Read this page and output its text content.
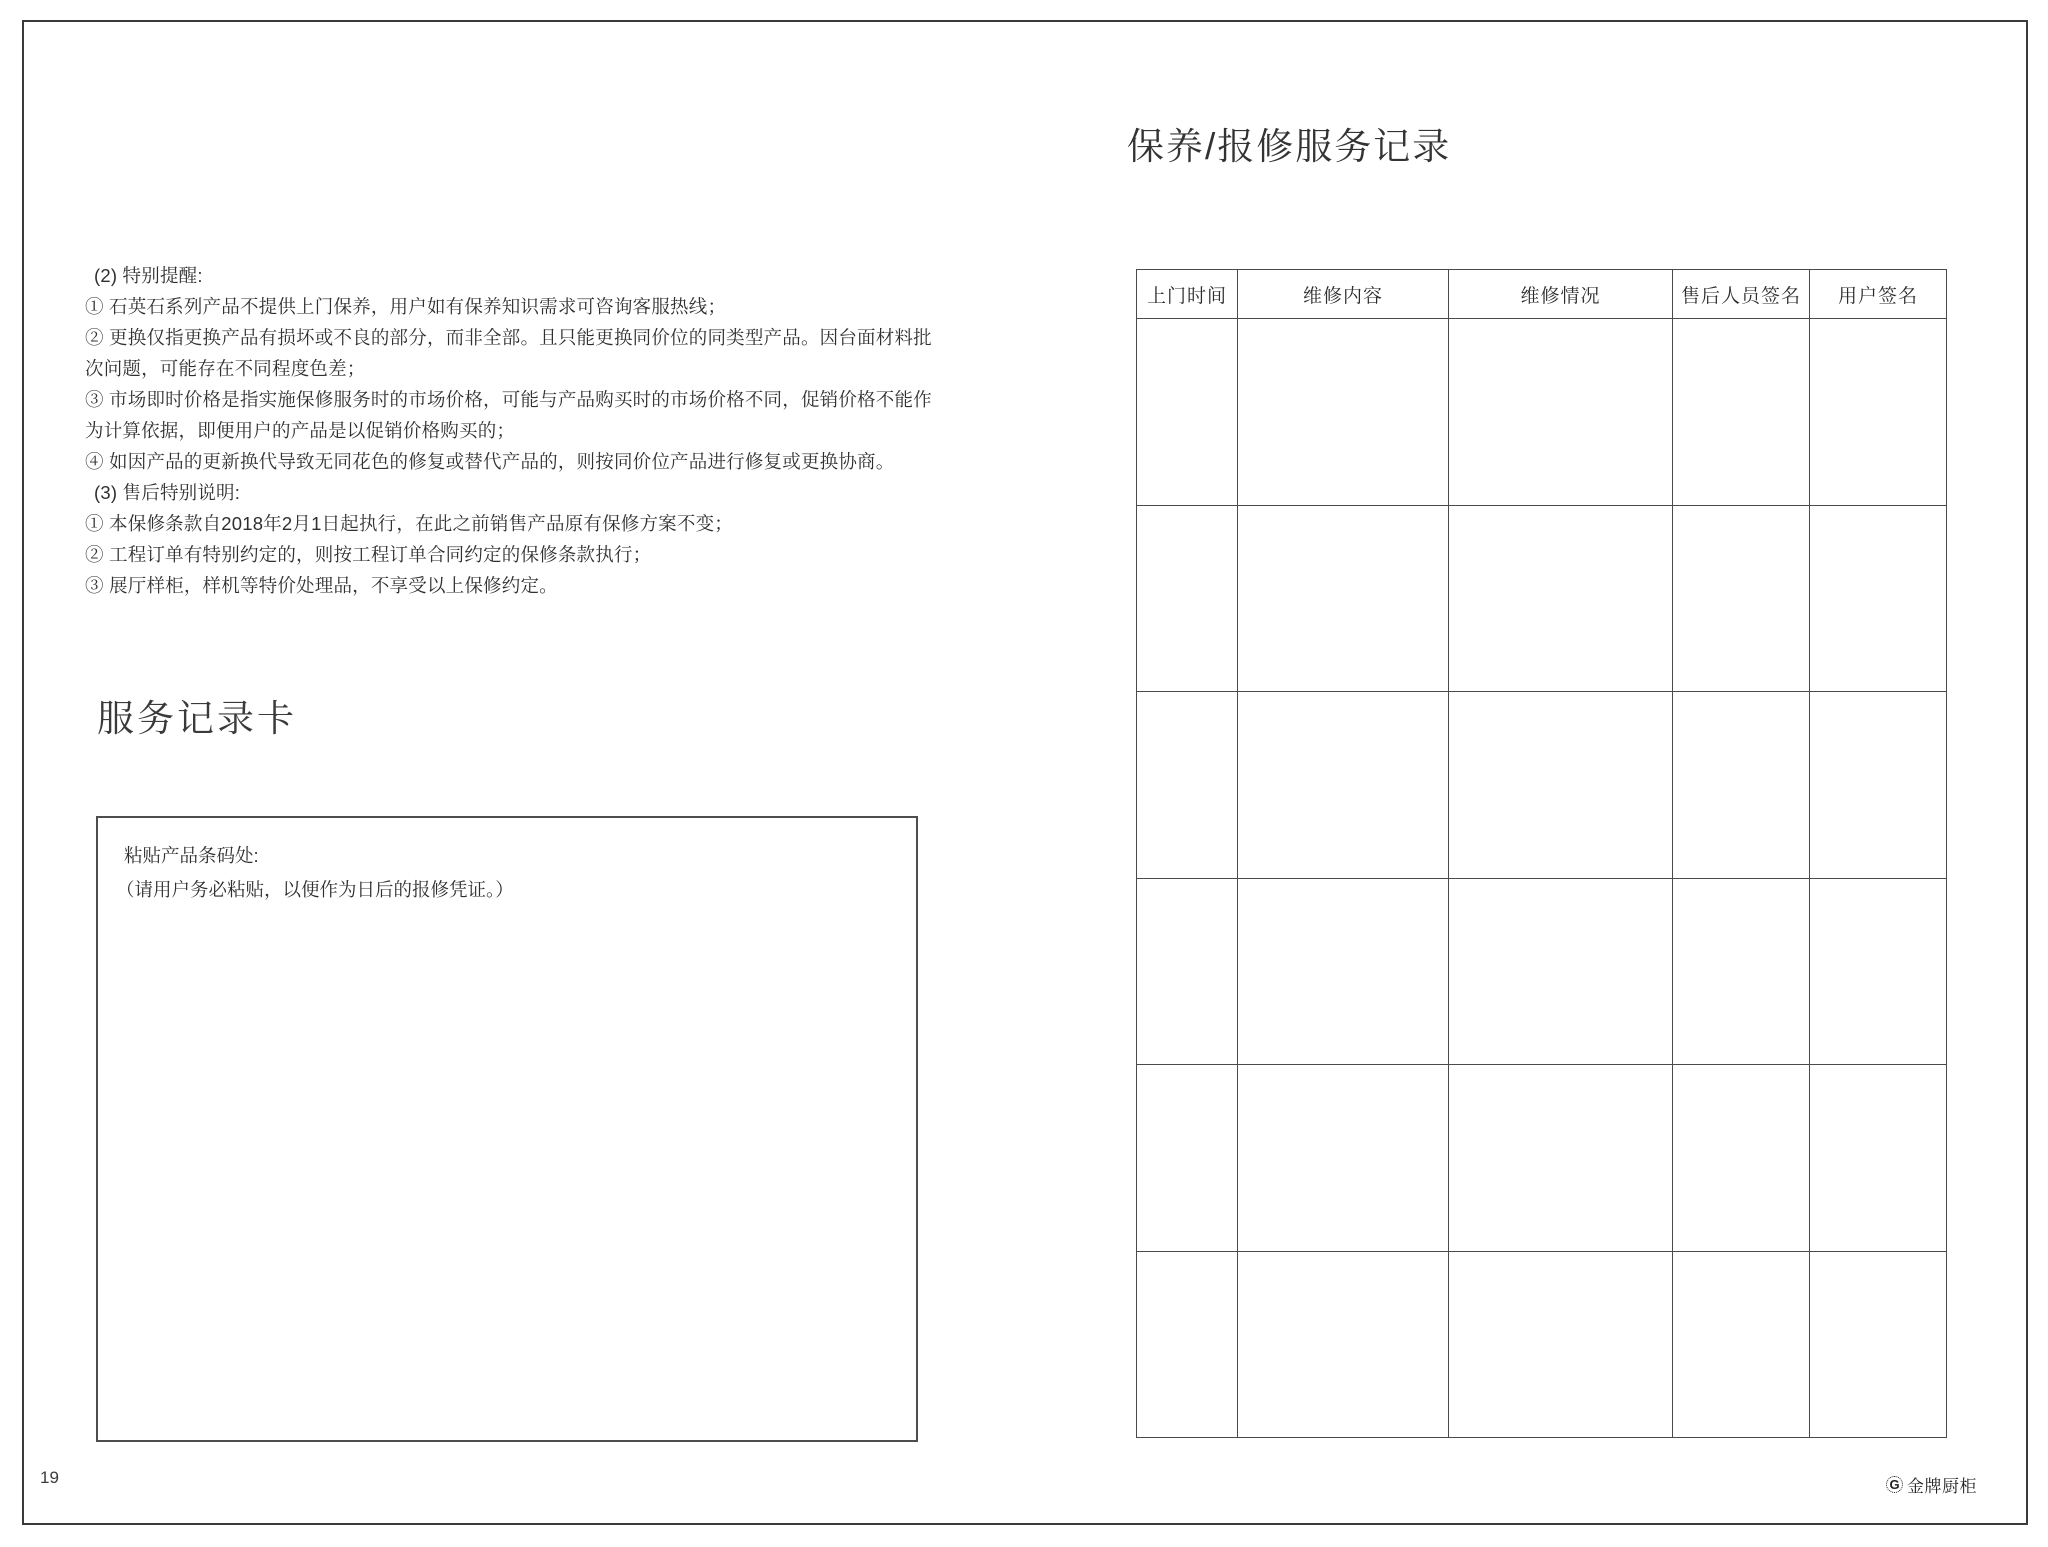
(2) 特别提醒:
① 石英石系列产品不提供上门保养，用户如有保养知识需求可咨询客服热线；
② 更换仅指更换产品有损坏或不良的部分，而非全部。且只能更换同价位的同类型产品。因台面材料批
次问题，可能存在不同程度色差；
③ 市场即时价格是指实施保修服务时的市场价格，可能与产品购买时的市场价格不同，促销价格不能作
为计算依据，即便用户的产品是以促销价格购买的；
④ 如因产品的更新换代导致无同花色的修复或替代产品的，则按同价位产品进行修复或更换协商。
(3) 售后特别说明:
① 本保修条款自2018年2月1日起执行，在此之前销售产品原有保修方案不变；
② 工程订单有特别约定的，则按工程订单合同约定的保修条款执行；
③ 展厅样柜，样机等特价处理品，不享受以上保修约定。
服务记录卡
粘贴产品条码处:
（请用户务必粘贴，以便作为日后的报修凭证。）
19
保养/报修服务记录
上门时间	维修内容	维修情况	售后人员签名	用户签名

G 金牌厨柜
